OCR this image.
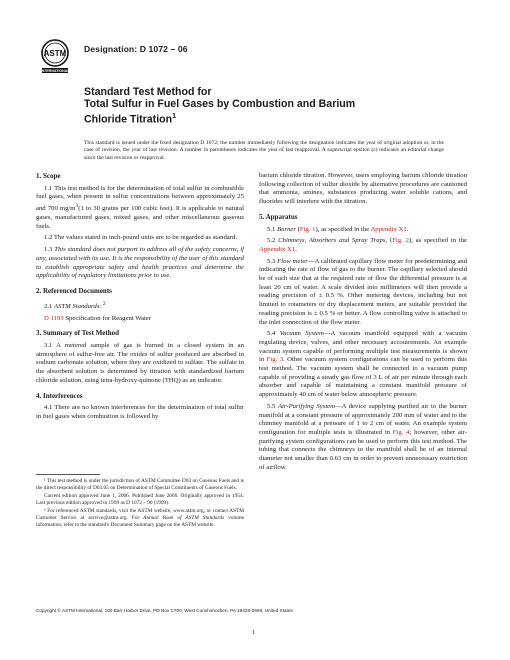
ASTM
INTERNATIONAL
Designation: D 1072 – 06
Standard Test Method for
Total Sulfur in Fuel Gases by Combustion and Barium
Chloride Titration$^1$
This standard is issued under the fixed designation D 1072; the number immediately following the designation indicates the year of original adoption or, in the case of revision, the year of last revision. A number in parentheses indicates the year of last reapproval. A superscript epsilon (ε) indicates an editorial change since the last revision or reapproval.
1. Scope

1.1 This test method is for the determination of total sulfur in combustible fuel gases, when present in sulfur concentrations between approximately 25 and 700 $mg/m^3(1$ to 30 grains per 100 cubic feet). It is applicable to natural gases, manufactured gases, mixed gases, and other miscellaneous gaseous fuels.

1.2 The values stated in inch-pound units are to be regarded as standard.

1.3 This standard does not purport to address all of the safety concerns, if any, associated with its use. It is the responsibility of the user of this standard to establish appropriate safety and health practices and determine the applicability of regulatory limitations prior to use.

2. Referenced Documents

2.1 ASTM Standards: $^2$

D 1193 Specification for Reagent Water

3. Summary of Test Method

3.1 A metered sample of gas is burned in a closed system in an atmosphere of sulfur-free air. The oxides of sulfur produced are absorbed in sodium carbonate solution, where they are oxidized to sulfate. The sulfate in the absorbent solution is determined by titration with standardized barium chloride solution, using tetra-hydroxy-quinone (THQ) as an indicator.

4. Interferences

4.1 There are no known interferences for the determination of total sulfur in fuel gases when combustion is followed by

¹ This test method is under the jurisdiction of ASTM Committee D03 on Gaseous Fuels and is the direct responsibility of D03.05 on Determination of Special Constituents of Gaseous Fuels.

Current edition approved June 1, 2006. Published June 2006. Originally approved in 1954. Last previous edition approved in 1999 as D 1072 – 90 (1999).

² For referenced ASTM standards, visit the ASTM website, www.astm.org, or contact ASTM Customer Service at service@astm.org. For Annual Book of ASTM Standards volume information, refer to the standard's Document Summary page on the ASTM website.

barium chloride titration. However, users employing barium chloride titration following collection of sulfur dioxide by alternative procedures are cautioned that ammonia, amines, substances producing water soluble cations, and fluorides will interfere with the titration.

5. Apparatus

5.1 Burner (Fig. 1), as specified in the Appendix X1.

5.2 Chimneys, Absorbers and Spray Traps, (Fig. 2), as specified in the Appendix X1.

5.3 Flow meter—A calibrated capillary flow meter for predetermining and indicating the rate of flow of gas to the burner. The capillary selected should be of such size that at the required rate of flow the differential pressure is at least 20 cm of water. A scale divided into millimeters will then provide a reading precision of ± 0.5 %. Other metering devices, including but not limited to rotameters or dry displacement meters, are suitable provided the reading precision is ± 0.5 % or better. A flow controlling valve is attached to the inlet connection of the flow meter.

5.4 Vacuum System—A vacuum manifold equipped with a vacuum regulating device, valves, and other necessary accoutrements. An example vacuum system capable of performing multiple test measurements is shown in Fig. 3. Other vacuum system configurations can be used to perform this test method. The vacuum system shall be connected to a vacuum pump capable of providing a steady gas flow of 3 L of air per minute through each absorber and capable of maintaining a constant manifold pressure of approximately 40 cm of water below atmospheric pressure.

5.5 Air-Purifying System—A device supplying purified air to the burner manifold at a constant pressure of approximately 200 mm of water and to the chimney manifold at a pressure of 1 to 2 cm of water. An example system configuration for multiple tests is illustrated in Fig. 4; however, other air-purifying system configurations can be used to perform this test method. The tubing that connects the chimneys to the manifold shall be of an internal diameter not smaller than 0.63 cm in order to prevent unnecessary restriction of airflow.

Copyright © ASTM International, 100 Barr Harbor Drive, PO Box C700, West Conshohocken, PA 19428-2959, United States.
1
